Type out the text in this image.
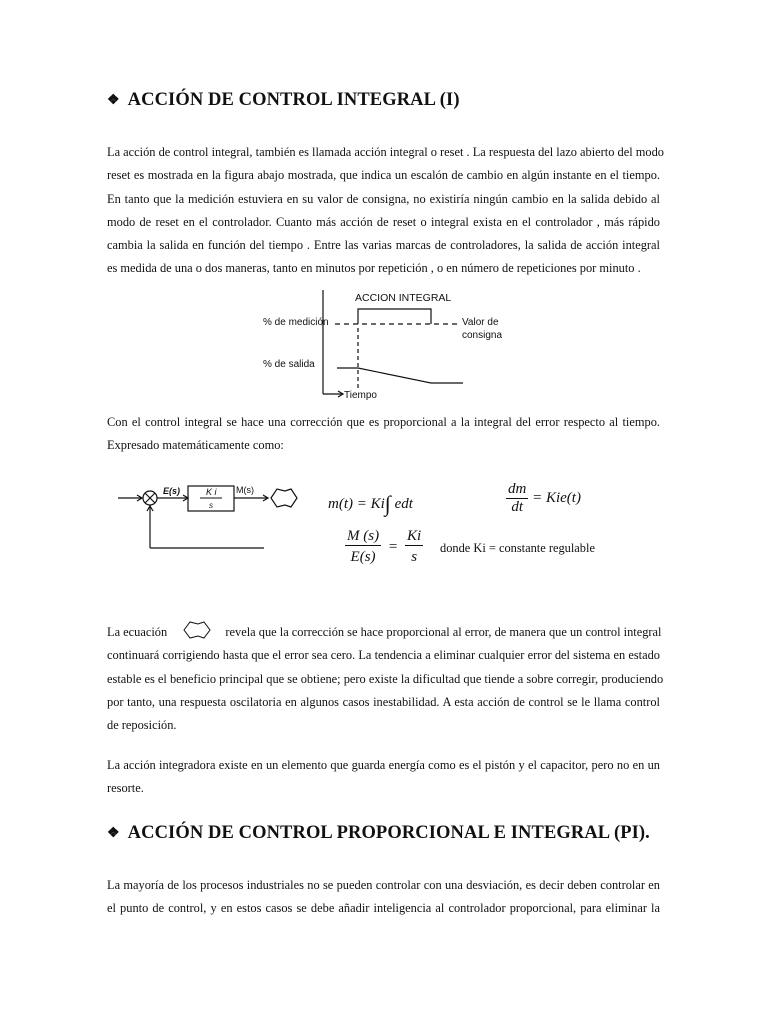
❖ ACCIÓN DE CONTROL INTEGRAL (I)
La acción de control integral, también es llamada acción integral o reset . La respuesta del lazo abierto del modo
reset es mostrada en la figura abajo mostrada, que indica un escalón de cambio en algún instante en el tiempo.
En tanto que la medición estuviera en su valor de consigna, no existiría ningún cambio en la salida debido al
modo de reset en el controlador. Cuanto más acción de reset o integral exista en el controlador , más rápido
cambia la salida en función del tiempo . Entre las varias marcas de controladores, la salida de acción integral
es medida de una o dos maneras, tanto en minutos por repetición , o en número de repeticiones por minuto .
ACCION INTEGRAL
% de medición
% de salida
Valor de
consigna
Tiempo
Con el control integral se hace una corrección que es proporcional a la integral del error respecto al tiempo.
Expresado matemáticamente como:
E(s)	K i
s
M(s)
m(t) = Ki∫ edt	$\frac{dm}{dt} = Kie(t)$
$\frac{M (s)}{E(s)} = \frac{Ki}{s}$ donde Ki = constante regulable
La ecuación	revela que la corrección se hace proporcional al error, de manera que un control integral
continuará corrigiendo hasta que el error sea cero. La tendencia a eliminar cualquier error del sistema en estado
estable es el beneficio principal que se obtiene; pero existe la dificultad que tiende a sobre corregir, produciendo
por tanto, una respuesta oscilatoria en algunos casos inestabilidad. A esta acción de control se le llama control
de reposición.
La acción integradora existe en un elemento que guarda energía como es el pistón y el capacitor, pero no en un
resorte.
❖ ACCIÓN DE CONTROL PROPORCIONAL E INTEGRAL (PI).
La mayoría de los procesos industriales no se pueden controlar con una desviación, es decir deben controlar en
el punto de control, y en estos casos se debe añadir inteligencia al controlador proporcional, para eliminar la
